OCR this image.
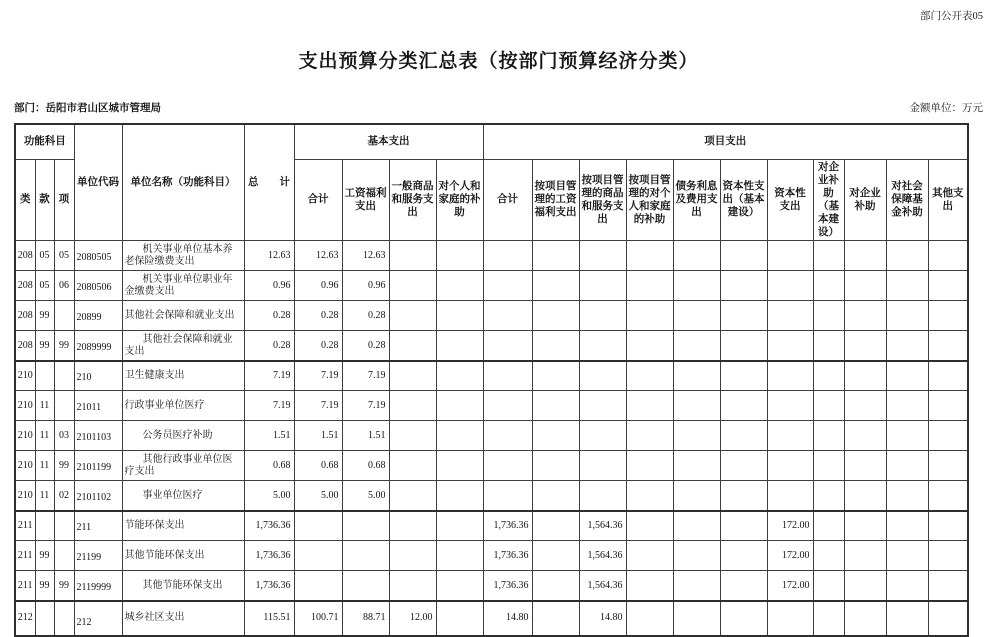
部门公开表05
支出预算分类汇总表（按部门预算经济分类）
部门：岳阳市君山区城市管理局	金额单位：万元
功能科目			单位代码	单位名称（功能科目）	总　　计	基本支出				项目支出										
类	款	项				合计	工资福利支出	一般商品和服务支出	对个人和家庭的补助	合计	按项目管理的工资福利支出	按项目管理的商品和服务支出	按项目管理的对个人和家庭的补助	债务利息及费用支出	资本性支出（基本建设）	资本性支出	对企业补助（基本建设）	对企业补助	对社会保障基金补助	其他支出
208	05	05	2080505	机关事业单位基本养老保险缴费支出	12.63	12.63	12.63													
208	05	06	2080506	机关事业单位职业年金缴费支出	0.96	0.96	0.96													
208	99		20899	其他社会保障和就业支出	0.28	0.28	0.28													
208	99	99	2089999	其他社会保障和就业支出	0.28	0.28	0.28													
210			210	卫生健康支出	7.19	7.19	7.19													
210	11		21011	行政事业单位医疗	7.19	7.19	7.19													
210	11	03	2101103	公务员医疗补助	1.51	1.51	1.51													
210	11	99	2101199	其他行政事业单位医疗支出	0.68	0.68	0.68													
210	11	02	2101102	事业单位医疗	5.00	5.00	5.00													
211			211	节能环保支出	1,736.36					1,736.36		1,564.36				172.00				
211	99		21199	其他节能环保支出	1,736.36					1,736.36		1,564.36				172.00				
211	99	99	2119999	其他节能环保支出	1,736.36					1,736.36		1,564.36				172.00				
212			212	城乡社区支出	115.51	100.71	88.71	12.00		14.80		14.80								
